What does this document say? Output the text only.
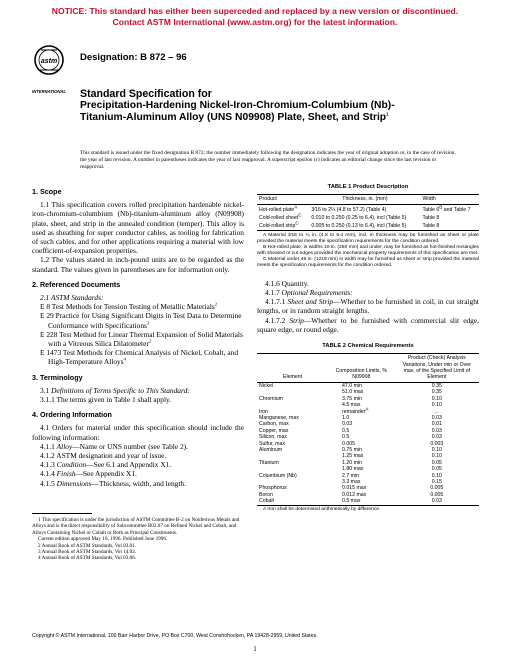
NOTICE: This standard has either been superceded and replaced by a new version or discontinued.
Contact ASTM International (www.astm.org) for the latest information.
astm
INTERNATIONAL
Designation: B 872 – 96
Standard Specification for
Precipitation-Hardening Nickel-Iron-Chromium-Columbium (Nb)-Titanium-Aluminum Alloy (UNS N09908) Plate, Sheet, and Strip$^1$
This standard is issued under the fixed designation B 872; the number immediately following the designation indicates the year of original adoption or, in the case of revision, the year of last revision. A number in parentheses indicates the year of last reapproval. A superscript epsilon (ε) indicates an editorial change since the last revision or reapproval.
1. Scope
1.1 This specification covers rolled precipitation hardenable nickel-iron-chromium-columbium (Nb)-titanium-aluminum alloy (N09908) plate, sheet, and strip in the annealed condition (temper). This alloy is used as sheathing for super conductor cables, as tooling for fabrication of such cables, and for other applications requiring a material with low coefficient-of-expansion properties.
1.2 The values stated in inch-pound units are to be regarded as the standard. The values given in parentheses are for information only.
2. Referenced Documents
2.1 ASTM Standards:
E 8 Test Methods for Tension Testing of Metallic Materials$^2$
E 29 Practice for Using Significant Digits in Test Data to Determine Conformance with Specifications$^3$
E 228 Test Method for Linear Thermal Expansion of Solid Materials with a Vitreous Silica Dilatometer$^2$
E 1473 Test Methods for Chemical Analysis of Nickel, Cobalt, and High-Temperature Alloys$^4$
3. Terminology
3.1 Definitions of Terms Specific to This Standard:
3.1.1 The terms given in Table 1 shall apply.
4. Ordering Information
4.1 Orders for material under this specification should include the following information:
4.1.1 Alloy—Name or UNS number (see Table 2).
4.1.2 ASTM designation and year of issue.
4.1.3 Condition—See 6.1 and Appendix X1.
4.1.4 Finish—See Appendix X1.
4.1.5 Dimensions—Thickness, width, and length.
TABLE 1 Product Description
Product	Thickness, in. (mm)	Width
Hot-rolled plate$^A$	3⁄16 to 2¼ (4.8 to 57.2) (Table 4)	Table $6^B$ and Table 7
Cold-rolled sheet$^C$	0.010 to 0.250 (0.25 to 6.4), incl (Table 5)	Table 8
Cold-rolled strip$^C$	0.005 to 0.250 (0.13 to 6.4), incl (Table 5)	Table 8
A Material 3⁄16 to ¼ in. (4.8 to 6.4 mm), incl, in thickness may be furnished as sheet or plate provided the material meets the specification requirements for the condition ordered.
B Hot-rolled plate, in widths 10 in. (250 mm) and under, may be furnished as hot-finished rectangles with sheared or cut edges provided the mechanical property requirements of this specification are met.
C Material under 48 in. (1219 mm) in width may be furnished as sheet or strip provided the material meets the specification requirements for the condition ordered.
4.1.6 Quantity.
4.1.7 Optional Requirements:
4.1.7.1 Sheet and Strip—Whether to be furnished in coil, in cut straight lengths, or in random straight lengths.
4.1.7.2 Strip—Whether to be furnished with commercial slit edge, square edge, or round edge.
TABLE 2 Chemical Requirements
Element	Composition Limits, % N09908	Product (Check) Analysis Variations, Under min or Over max, of the Specified Limit of Element
Nickel	47.0 min	0.35
	51.0 max	0.35
Chromium	3.75 min	0.10
	4.5 max	0.10
Iron	remainder$^A$	...
Manganese, max	1.0	0.03
Carbon, max	0.03	0.01
Copper, max	0.5	0.03
Silicon, max	0.5	0.03
Sulfur, max	0.005	0.003
Aluminum	0.75 min	0.10
	1.25 max	0.10
Titanium	1.20 min	0.05
	1.80 max	0.05
Columbium (Nb)	2.7 min	0.10
	3.3 max	0.15
Phosphorus	0.015 max	0.005
Boron	0.012 max	0.005
Cobalt	0.5 max	0.03
A Iron shall be determined arithmetically by difference.
1 This specification is under the jurisdiction of ASTM Committee B-2 on Nonferrous Metals and Alloys and is the direct responsibility of Subcommittee B02.07 on Refined Nickel and Cobalt, and Alloys Containing Nickel or Cobalt or Both as Principal Constituents.
Current edition approved May 10, 1996. Published June 1996.
2 Annual Book of ASTM Standards, Vol 03.01.
3 Annual Book of ASTM Standards, Vol 14.02.
4 Annual Book of ASTM Standards, Vol 03.06.
Copyright © ASTM International, 100 Barr Harbor Drive, PO Box C700, West Conshohocken, PA 19428-2959, United States.
1
